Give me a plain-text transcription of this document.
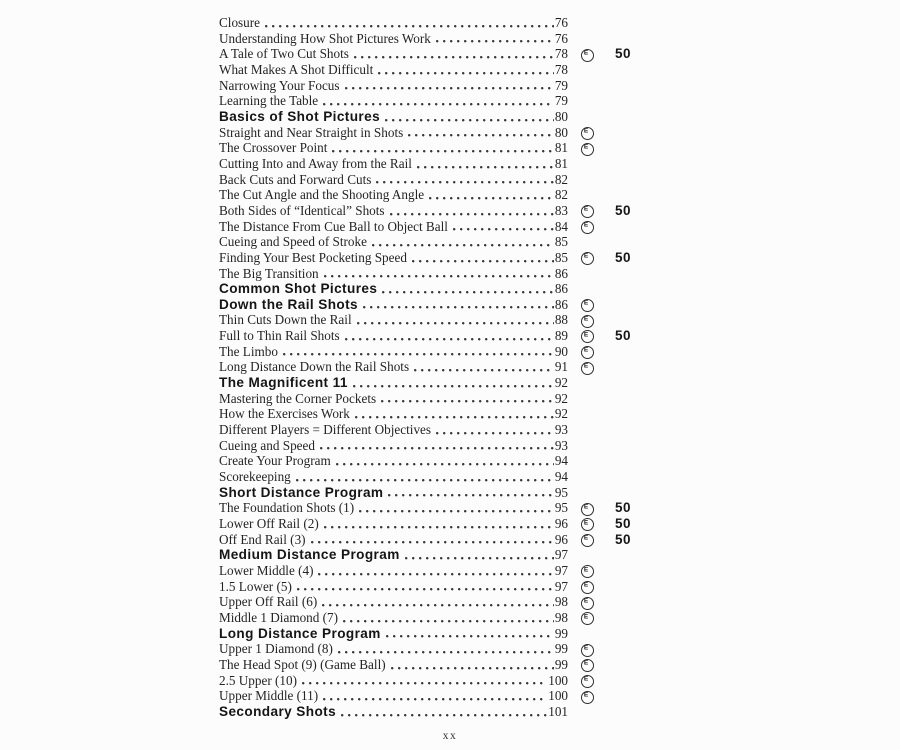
Closure	76
Understanding How Shot Pictures Work	76
A Tale of Two Cut Shots	78 E	50
What Makes A Shot Difficult	78
Narrowing Your Focus	79
Learning the Table	79
Basics of Shot Pictures	80
Straight and Near Straight in Shots	80 E
The Crossover Point	81 E
Cutting Into and Away from the Rail	81
Back Cuts and Forward Cuts	82
The Cut Angle and the Shooting Angle	82
Both Sides of “Identical” Shots	83 E	50
The Distance From Cue Ball to Object Ball	84 E
Cueing and Speed of Stroke	85
Finding Your Best Pocketing Speed	85 E	50
The Big Transition	86
Common Shot Pictures	86
Down the Rail Shots	86 E
Thin Cuts Down the Rail	88 E
Full to Thin Rail Shots	89 E	50
The Limbo	90 E
Long Distance Down the Rail Shots	91 E
The Magnificent 11	92
Mastering the Corner Pockets	92
How the Exercises Work	92
Different Players = Different Objectives	93
Cueing and Speed	93
Create Your Program	94
Scorekeeping	94
Short Distance Program	95
The Foundation Shots (1)	95 E	50
Lower Off Rail (2)	96 E	50
Off End Rail (3)	96 E	50
Medium Distance Program	97
Lower Middle (4)	97 E
1.5 Lower (5)	97 E
Upper Off Rail (6)	98 E
Middle 1 Diamond (7)	98 E
Long Distance Program	99
Upper 1 Diamond (8)	99 E
The Head Spot (9) (Game Ball)	99 E
2.5 Upper (10)	100 E
Upper Middle (11)	100 E
Secondary Shots	101
xx
